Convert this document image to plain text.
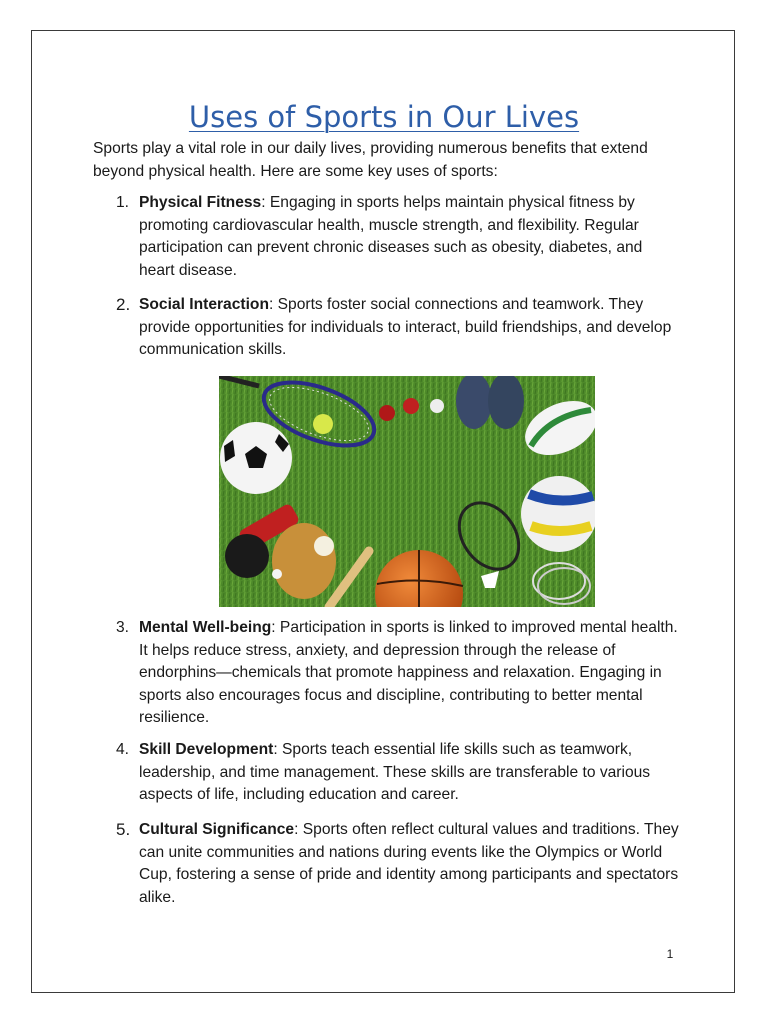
Uses of Sports in Our Lives

Sports play a vital role in our daily lives, providing numerous benefits that extend beyond physical health. Here are some key uses of sports:

1. Physical Fitness: Engaging in sports helps maintain physical fitness by promoting cardiovascular health, muscle strength, and flexibility. Regular participation can prevent chronic diseases such as obesity, diabetes, and heart disease.
2. Social Interaction: Sports foster social connections and teamwork. They provide opportunities for individuals to interact, build friendships, and develop communication skills.
3. Mental Well-being: Participation in sports is linked to improved mental health. It helps reduce stress, anxiety, and depression through the release of endorphins—chemicals that promote happiness and relaxation. Engaging in sports also encourages focus and discipline, contributing to better mental resilience.
4. Skill Development: Sports teach essential life skills such as teamwork, leadership, and time management. These skills are transferable to various aspects of life, including education and career.
5. Cultural Significance: Sports often reflect cultural values and traditions. They can unite communities and nations during events like the Olympics or World Cup, fostering a sense of pride and identity among participants and spectators alike.
1
